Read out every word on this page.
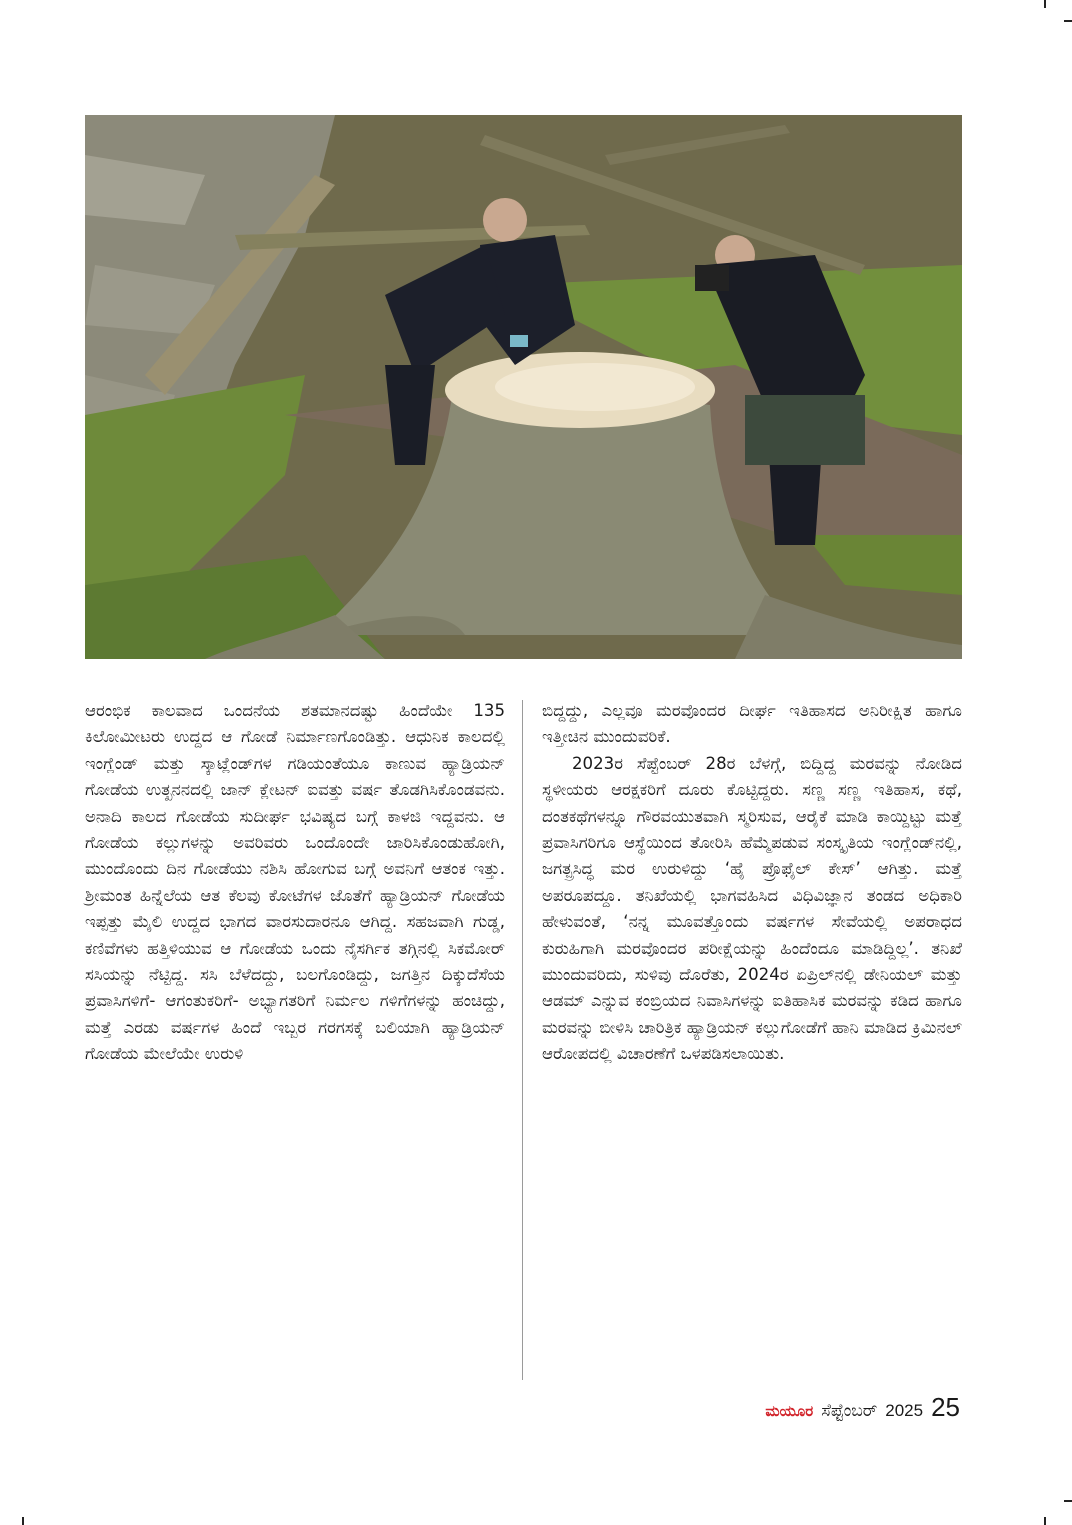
ಆರಂಭಿಕ ಕಾಲವಾದ ಒಂದನೆಯ ಶತಮಾನದಷ್ಟು ಹಿಂದೆಯೇ 135 ಕಿಲೋಮೀಟರು ಉದ್ದದ ಆ ಗೋಡೆ ನಿರ್ಮಾಣಗೊಂಡಿತ್ತು. ಆಧುನಿಕ ಕಾಲದಲ್ಲಿ ಇಂಗ್ಲೆಂಡ್ ಮತ್ತು ಸ್ಕಾಟ್ಲೆಂಡ್‌ಗಳ ಗಡಿಯಂತೆಯೂ ಕಾಣುವ ಹ್ಯಾಡ್ರಿಯನ್ ಗೋಡೆಯ ಉತ್ಖನನದಲ್ಲಿ ಜಾನ್ ಕ್ಲೇಟನ್ ಐವತ್ತು ವರ್ಷ ತೊಡಗಿಸಿಕೊಂಡವನು. ಅನಾದಿ ಕಾಲದ ಗೋಡೆಯ ಸುದೀರ್ಘ ಭವಿಷ್ಯದ ಬಗ್ಗೆ ಕಾಳಜಿ ಇದ್ದವನು. ಆ ಗೋಡೆಯ ಕಲ್ಲುಗಳನ್ನು ಅವರಿವರು ಒಂದೊಂದೇ ಜಾರಿಸಿಕೊಂಡುಹೋಗಿ, ಮುಂದೊಂದು ದಿನ ಗೋಡೆಯು ನಶಿಸಿ ಹೋಗುವ ಬಗ್ಗೆ ಅವನಿಗೆ ಆತಂಕ ಇತ್ತು. ಶ್ರೀಮಂತ ಹಿನ್ನೆಲೆಯ ಆತ ಕೆಲವು ಕೋಟೆಗಳ ಜೊತೆಗೆ ಹ್ಯಾಡ್ರಿಯನ್ ಗೋಡೆಯ ಇಪ್ಪತ್ತು ಮೈಲಿ ಉದ್ದದ ಭಾಗದ ವಾರಸುದಾರನೂ ಆಗಿದ್ದ. ಸಹಜವಾಗಿ ಗುಡ್ಡ, ಕಣಿವೆಗಳು ಹತ್ತಿಳಿಯುವ ಆ ಗೋಡೆಯ ಒಂದು ನೈಸರ್ಗಿಕ ತಗ್ಗಿನಲ್ಲಿ ಸಿಕಮೋರ್ ಸಸಿಯನ್ನು ನೆಟ್ಟಿದ್ದ. ಸಸಿ ಬೆಳೆದದ್ದು, ಬಲಗೊಂಡಿದ್ದು, ಜಗತ್ತಿನ ದಿಕ್ಕುದೆಸೆಯ ಪ್ರವಾಸಿಗಳಿಗೆ- ಆಗಂತುಕರಿಗೆ- ಅಭ್ಯಾಗತರಿಗೆ ನಿರ್ಮಲ ಗಳಿಗೆಗಳನ್ನು ಹಂಚಿದ್ದು, ಮತ್ತೆ ಎರಡು ವರ್ಷಗಳ ಹಿಂದೆ ಇಬ್ಬರ ಗರಗಸಕ್ಕೆ ಬಲಿಯಾಗಿ ಹ್ಯಾಡ್ರಿಯನ್ ಗೋಡೆಯ ಮೇಲೆಯೇ ಉರುಳಿ

ಬಿದ್ದದ್ದು, ಎಲ್ಲವೂ ಮರವೊಂದರ ದೀರ್ಘ ಇತಿಹಾಸದ ಅನಿರೀಕ್ಷಿತ ಹಾಗೂ ಇತ್ತೀಚಿನ ಮುಂದುವರಿಕೆ.

2023ರ ಸೆಪ್ಟೆಂಬರ್ 28ರ ಬೆಳಗ್ಗೆ, ಬಿದ್ದಿದ್ದ ಮರವನ್ನು ನೋಡಿದ ಸ್ಥಳೀಯರು ಆರಕ್ಷಕರಿಗೆ ದೂರು ಕೊಟ್ಟಿದ್ದರು. ಸಣ್ಣ ಸಣ್ಣ ಇತಿಹಾಸ, ಕಥೆ, ದಂತಕಥೆಗಳನ್ನೂ ಗೌರವಯುತವಾಗಿ ಸ್ಮರಿಸುವ, ಆರೈಕೆ ಮಾಡಿ ಕಾಯ್ದಿಟ್ಟು ಮತ್ತೆ ಪ್ರವಾಸಿಗರಿಗೂ ಆಸ್ಥೆಯಿಂದ ತೋರಿಸಿ ಹೆಮ್ಮೆಪಡುವ ಸಂಸ್ಕೃತಿಯ ಇಂಗ್ಲೆಂಡ್‌ನಲ್ಲಿ, ಜಗತ್ಪ್ರಸಿದ್ಧ ಮರ ಉರುಳಿದ್ದು ‘ಹೈ ಪ್ರೊಫೈಲ್ ಕೇಸ್’ ಆಗಿತ್ತು. ಮತ್ತೆ ಅಪರೂಪದ್ದೂ. ತನಿಖೆಯಲ್ಲಿ ಭಾಗವಹಿಸಿದ ವಿಧಿವಿಜ್ಞಾನ ತಂಡದ ಅಧಿಕಾರಿ ಹೇಳುವಂತೆ, ‘ನನ್ನ ಮೂವತ್ತೊಂದು ವರ್ಷಗಳ ಸೇವೆಯಲ್ಲಿ ಅಪರಾಧದ ಕುರುಹಿಗಾಗಿ ಮರವೊಂದರ ಪರೀಕ್ಷೆಯನ್ನು ಹಿಂದೆಂದೂ ಮಾಡಿದ್ದಿಲ್ಲ’. ತನಿಖೆ ಮುಂದುವರಿದು, ಸುಳಿವು ದೊರೆತು, 2024ರ ಏಪ್ರಿಲ್‌ನಲ್ಲಿ ಡೇನಿಯಲ್ ಮತ್ತು ಆಡಮ್ ಎನ್ನುವ ಕಂಬ್ರಿಯದ ನಿವಾಸಿಗಳನ್ನು ಐತಿಹಾಸಿಕ ಮರವನ್ನು ಕಡಿದ ಹಾಗೂ ಮರವನ್ನು ಬೀಳಿಸಿ ಚಾರಿತ್ರಿಕ ಹ್ಯಾಡ್ರಿಯನ್ ಕಲ್ಲುಗೋಡೆಗೆ ಹಾನಿ ಮಾಡಿದ ಕ್ರಿಮಿನಲ್ ಆರೋಪದಲ್ಲಿ ವಿಚಾರಣೆಗೆ ಒಳಪಡಿಸಲಾಯಿತು.

ಮಯೂರ ಸೆಪ್ಟೆಂಬರ್ 2025 25
